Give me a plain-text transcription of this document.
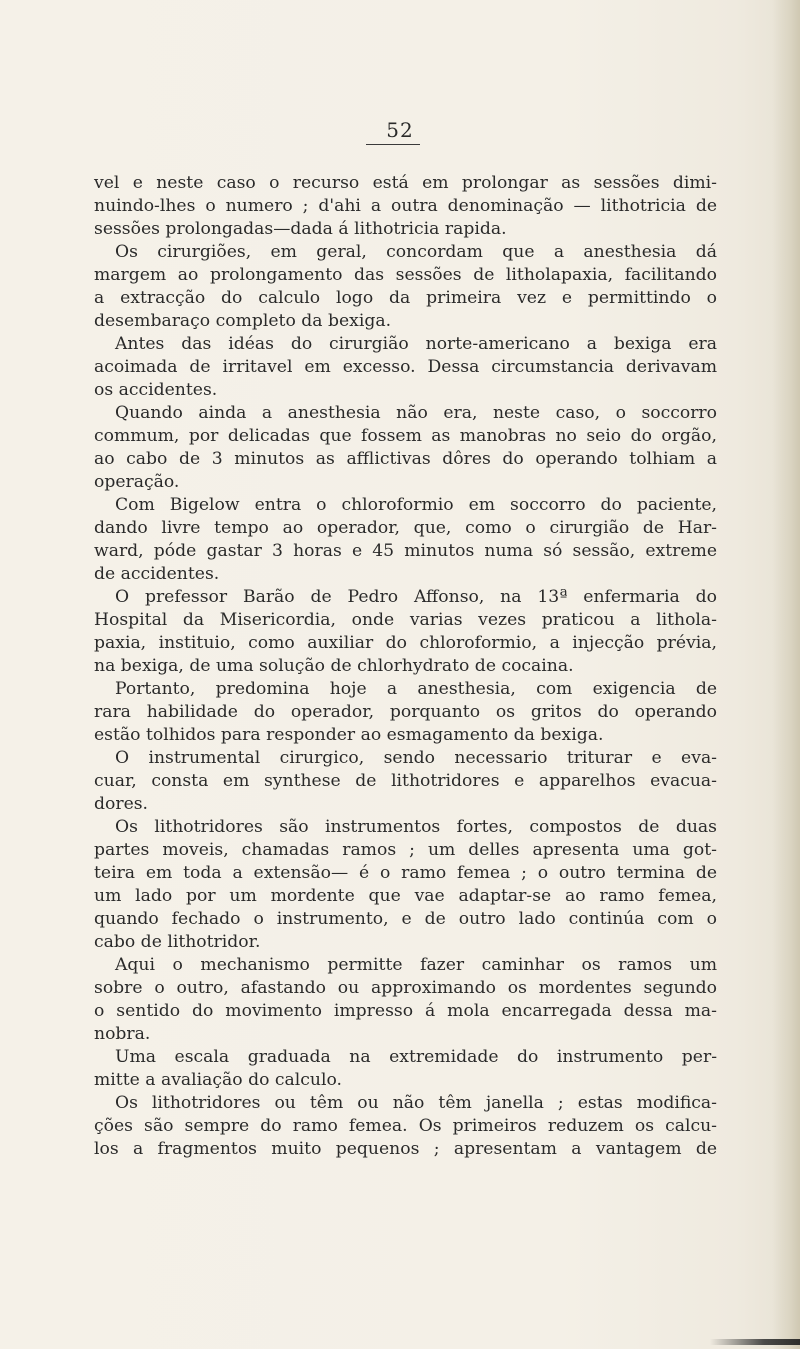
52
vel e neste caso o recurso está em prolongar as sessões dimi-
nuindo-lhes o numero ; d'ahi a outra denominação — lithotricia de
sessões prolongadas—dada á lithotricia rapida.
Os cirurgiões, em geral, concordam que a anesthesia dá
margem ao prolongamento das sessões de litholapaxia, facilitando
a extracção do calculo logo da primeira vez e permittindo o
desembaraço completo da bexiga.
Antes das idéas do cirurgião norte-americano a bexiga era
acoimada de irritavel em excesso. Dessa circumstancia derivavam
os accidentes.
Quando ainda a anesthesia não era, neste caso, o soccorro
commum, por delicadas que fossem as manobras no seio do orgão,
ao cabo de 3 minutos as afflictivas dôres do operando tolhiam a
operação.
Com Bigelow entra o chloroformio em soccorro do paciente,
dando livre tempo ao operador, que, como o cirurgião de Har-
ward, póde gastar 3 horas e 45 minutos numa só sessão, extreme
de accidentes.
O prefessor Barão de Pedro Affonso, na 13ª enfermaria do
Hospital da Misericordia, onde varias vezes praticou a lithola-
paxia, instituio, como auxiliar do chloroformio, a injecção prévia,
na bexiga, de uma solução de chlorhydrato de cocaina.
Portanto, predomina hoje a anesthesia, com exigencia de
rara habilidade do operador, porquanto os gritos do operando
estão tolhidos para responder ao esmagamento da bexiga.
O instrumental cirurgico, sendo necessario triturar e eva-
cuar, consta em synthese de lithotridores e apparelhos evacua-
dores.
Os lithotridores são instrumentos fortes, compostos de duas
partes moveis, chamadas ramos ; um delles apresenta uma got-
teira em toda a extensão— é o ramo femea ; o outro termina de
um lado por um mordente que vae adaptar-se ao ramo femea,
quando fechado o instrumento, e de outro lado continúa com o
cabo de lithotridor.
Aqui o mechanismo permitte fazer caminhar os ramos um
sobre o outro, afastando ou approximando os mordentes segundo
o sentido do movimento impresso á mola encarregada dessa ma-
nobra.
Uma escala graduada na extremidade do instrumento per-
mitte a avaliação do calculo.
Os lithotridores ou têm ou não têm janella ; estas modifica-
ções são sempre do ramo femea. Os primeiros reduzem os calcu-
los a fragmentos muito pequenos ; apresentam a vantagem de
